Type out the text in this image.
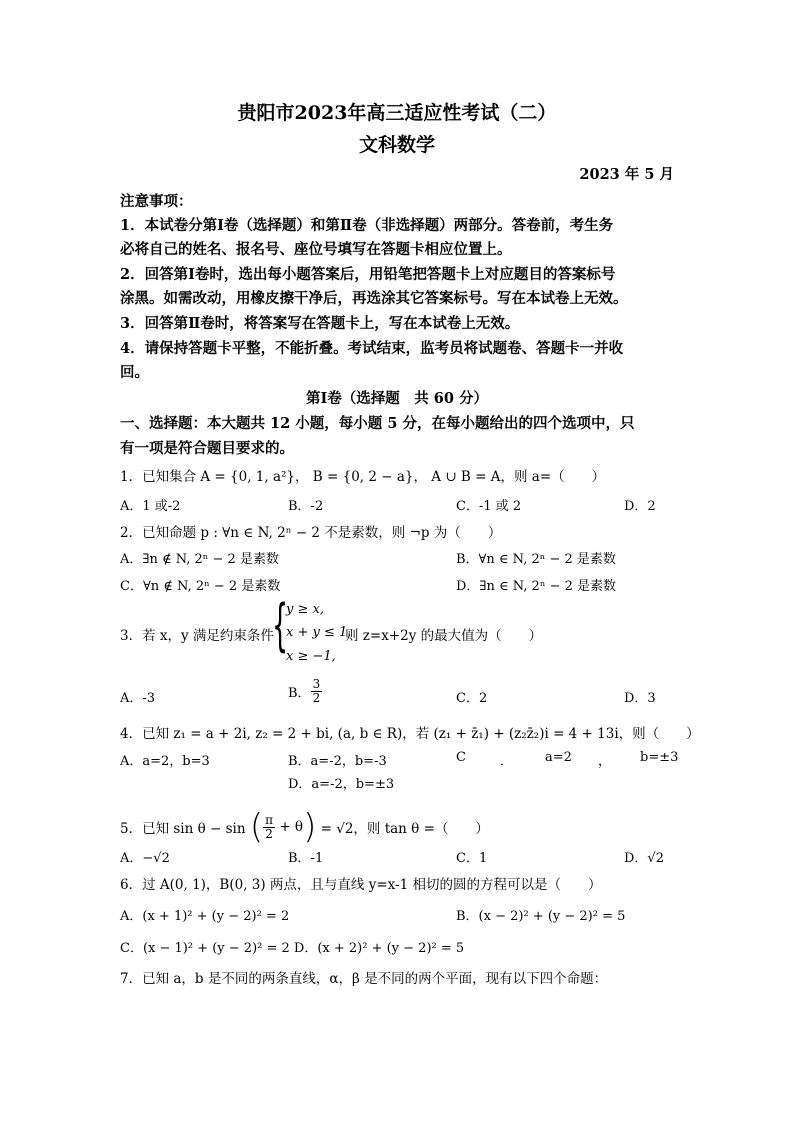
贵阳市2023年高三适应性考试（二）
文科数学
2023 年 5 月
注意事项：
1．本试卷分第Ⅰ卷（选择题）和第Ⅱ卷（非选择题）两部分。答卷前，考生务
必将自己的姓名、报名号、座位号填写在答题卡相应位置上。
2．回答第Ⅰ卷时，选出每小题答案后，用铅笔把答题卡上对应题目的答案标号
涂黑。如需改动，用橡皮擦干净后，再选涂其它答案标号。写在本试卷上无效。
3．回答第Ⅱ卷时，将答案写在答题卡上，写在本试卷上无效。
4．请保持答题卡平整，不能折叠。考试结束，监考员将试题卷、答题卡一并收
回。
第Ⅰ卷（选择题　共 60 分）
一、选择题：本大题共 12 小题，每小题 5 分，在每小题给出的四个选项中，只
有一项是符合题目要求的。
1．已知集合 A = {0, 1, a²}， B = {0, 2 − a}， A ∪ B = A，则 a=（　　）
A．1 或-2	B．-2	C．-1 或 2	D．2
2．已知命题 p : ∀n ∈ N, 2ⁿ − 2 不是素数，则 ¬p 为（　　）
A．∃n ∉ N, 2ⁿ − 2 是素数	B．∀n ∈ N, 2ⁿ − 2 是素数
C．∀n ∉ N, 2ⁿ − 2 是素数	D．∃n ∈ N, 2ⁿ − 2 是素数
3．若 x，y 满足约束条件
{
y ≥ x,
x + y ≤ 1,
x ≥ −1,
则 z=x+2y 的最大值为（　　）
A．-3	B． $\frac{3}{2}$	C．2	D．3
4．已知 z₁ = a + 2i, z₂ = 2 + bi, (a, b ∈ R)，若 (z₁ + z̄₁) + (z₂z̄₂)i = 4 + 13i，则（　　）
A．a=2，b=3	B．a=-2，b=-3	C	． a=2 ， b=±3
D．a=-2，b=±3
5．已知 sin θ − sin ( $\frac{\pi}{2} + \theta) = √2$，则 tan θ =（　　）
A．−√2	B．-1	C．1	D．√2
6．过 A(0, 1)，B(0, 3) 两点，且与直线 y=x-1 相切的圆的方程可以是（　　）
A．(x + 1)² + (y − 2)² = 2	B．(x − 2)² + (y − 2)² = 5
C．(x − 1)² + (y − 2)² = 2 D．(x + 2)² + (y − 2)² = 5
7．已知 a，b 是不同的两条直线，α，β 是不同的两个平面，现有以下四个命题：
